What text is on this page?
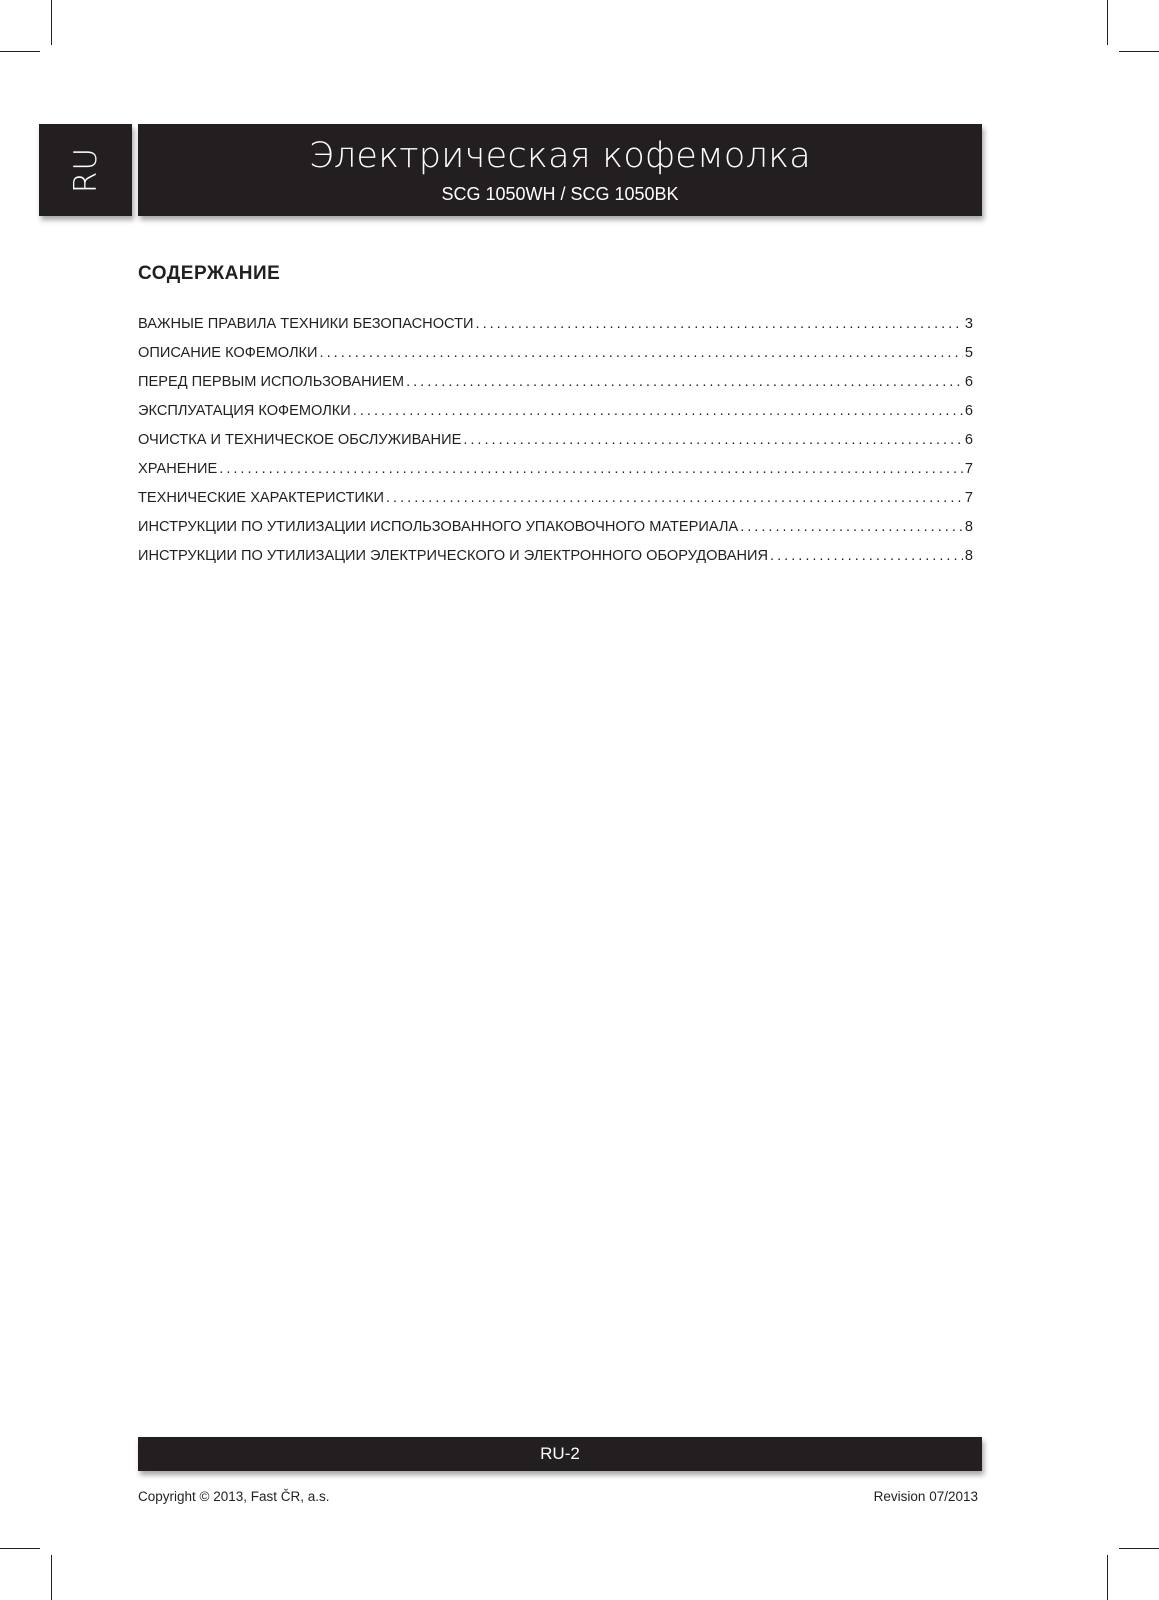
RU	Электрическая кофемолка
SCG 1050WH / SCG 1050BK
СОДЕРЖАНИЕ
ВАЖНЫЕ ПРАВИЛА ТЕХНИКИ БЕЗОПАСНОСТИ .....	3
ОПИСАНИЕ КОФЕМОЛКИ .....	5
ПЕРЕД ПЕРВЫМ ИСПОЛЬЗОВАНИЕМ .....	6
ЭКСПЛУАТАЦИЯ КОФЕМОЛКИ .....	6
ОЧИСТКА И ТЕХНИЧЕСКОЕ ОБСЛУЖИВАНИЕ .....	6
ХРАНЕНИЕ .....	7
ТЕХНИЧЕСКИЕ ХАРАКТЕРИСТИКИ .....	7
ИНСТРУКЦИИ ПО УТИЛИЗАЦИИ ИСПОЛЬЗОВАННОГО УПАКОВОЧНОГО МАТЕРИАЛА .....	8
ИНСТРУКЦИИ ПО УТИЛИЗАЦИИ ЭЛЕКТРИЧЕСКОГО И ЭЛЕКТРОННОГО ОБОРУДОВАНИЯ .....	8
RU-2
Copyright © 2013, Fast ČR, a.s.	Revision 07/2013
